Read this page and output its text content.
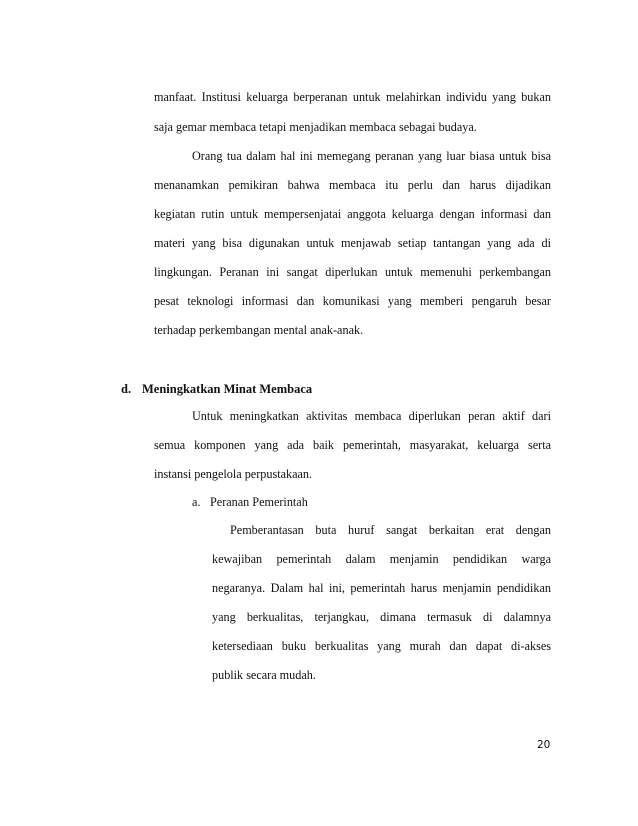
manfaat. Institusi keluarga berperanan untuk melahirkan individu yang bukan
saja gemar membaca tetapi menjadikan membaca sebagai budaya.
Orang tua dalam hal ini memegang peranan yang luar biasa untuk bisa
menanamkan pemikiran bahwa membaca itu perlu dan harus dijadikan
kegiatan rutin untuk mempersenjatai anggota keluarga dengan informasi dan
materi yang bisa digunakan untuk menjawab setiap tantangan yang ada di
lingkungan. Peranan ini sangat diperlukan untuk memenuhi perkembangan
pesat teknologi informasi dan komunikasi yang memberi pengaruh besar
terhadap perkembangan mental anak-anak.
d. Meningkatkan Minat Membaca
Untuk meningkatkan aktivitas membaca diperlukan peran aktif dari
semua komponen yang ada baik pemerintah, masyarakat, keluarga serta
instansi pengelola perpustakaan.
a. Peranan Pemerintah
Pemberantasan buta huruf sangat berkaitan erat dengan
kewajiban pemerintah dalam menjamin pendidikan warga
negaranya. Dalam hal ini, pemerintah harus menjamin pendidikan
yang berkualitas, terjangkau, dimana termasuk di dalamnya
ketersediaan buku berkualitas yang murah dan dapat di-akses
publik secara mudah.
20
